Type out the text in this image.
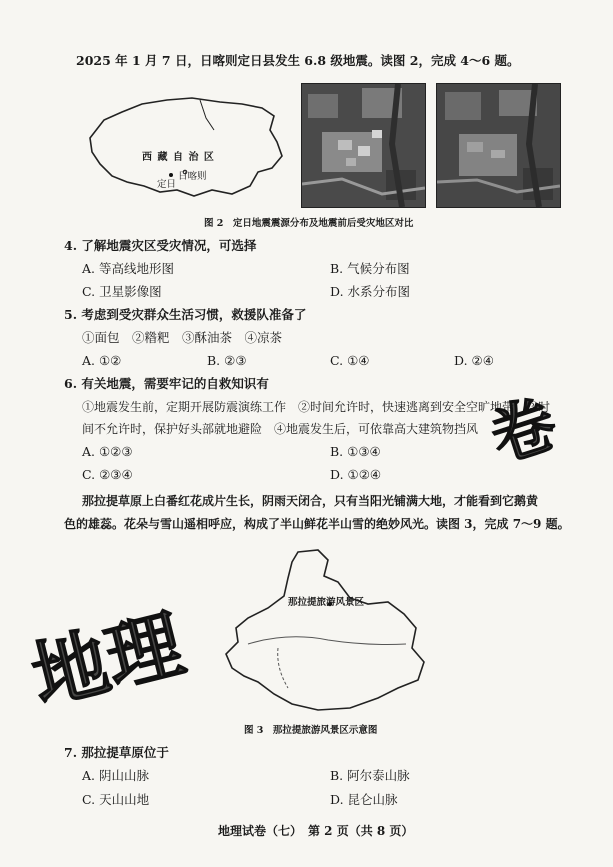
2025 年 1 月 7 日，日喀则定日县发生 6.8 级地震。读图 2，完成 4～6 题。
西 藏 自 治 区
日喀则
定日
图 2　定日地震震源分布及地震前后受灾地区对比
4. 了解地震灾区受灾情况，可选择
A. 等高线地形图	B. 气候分布图
C. 卫星影像图	D. 水系分布图
5. 考虑到受灾群众生活习惯，救援队准备了
①面包　②糌粑　③酥油茶　④凉茶
A. ①②	B. ②③	C. ①④	D. ②④
6. 有关地震，需要牢记的自救知识有
①地震发生前，定期开展防震演练工作　②时间允许时，快速逃离到安全空旷地带　③时
间不允许时，保护好头部就地避险　④地震发生后，可依靠高大建筑物挡风
A. ①②③	B. ①③④
C. ②③④	D. ①②④
那拉提草原上白番红花成片生长，阴雨天闭合，只有当阳光铺满大地，才能看到它鹅黄
色的雄蕊。花朵与雪山遥相呼应，构成了半山鲜花半山雪的绝妙风光。读图 3，完成 7～9 题。
那拉提旅游风景区
图 3　那拉提旅游风景区示意图
7. 那拉提草原位于
A. 阴山山脉	B. 阿尔泰山脉
C. 天山山地	D. 昆仑山脉
地理试卷（七）　第 2 页（共 8 页）
地理
卷
